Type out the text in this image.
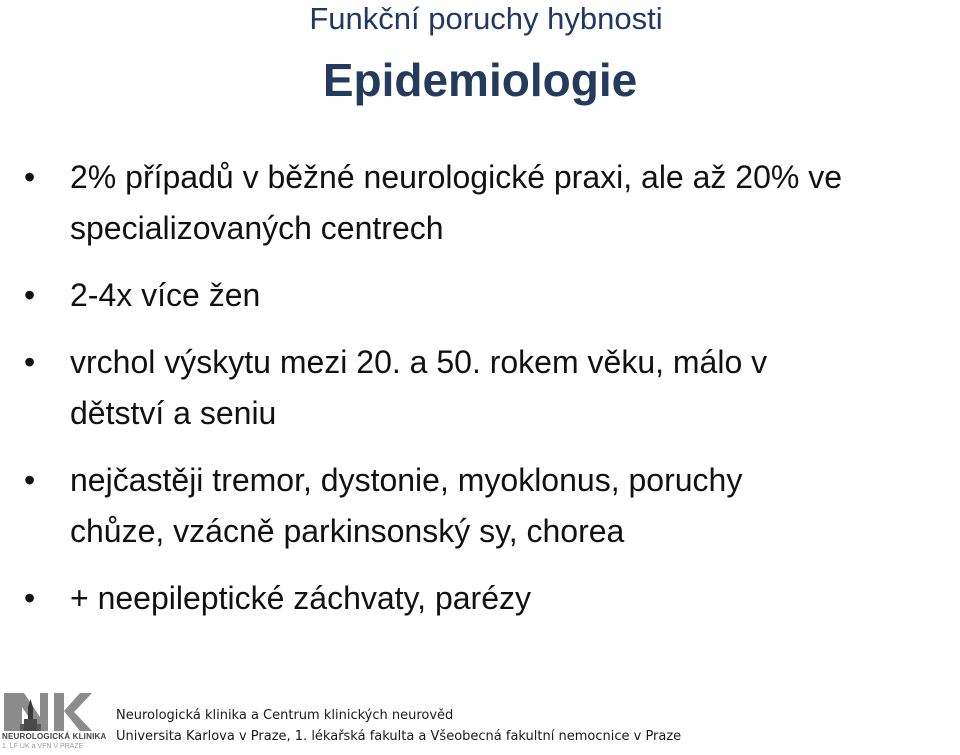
Funkční poruchy hybnosti
Epidemiologie
• 2% případů v běžné neurologické praxi, ale až 20% ve
specializovaných centrech
• 2-4x více žen
• vrchol výskytu mezi 20. a 50. rokem věku, málo v
dětství a seniu
• nejčastěji tremor, dystonie, myoklonus, poruchy
chůze, vzácně parkinsonský sy, chorea
• + neepileptické záchvaty, parézy
NEUROLOGICKÁ KLINIKA
1. LF UK a VFN V PRAZE
Neurologická klinika a Centrum klinických neurověd
Universita Karlova v Praze, 1. lékařská fakulta a Všeobecná fakultní nemocnice v Praze
